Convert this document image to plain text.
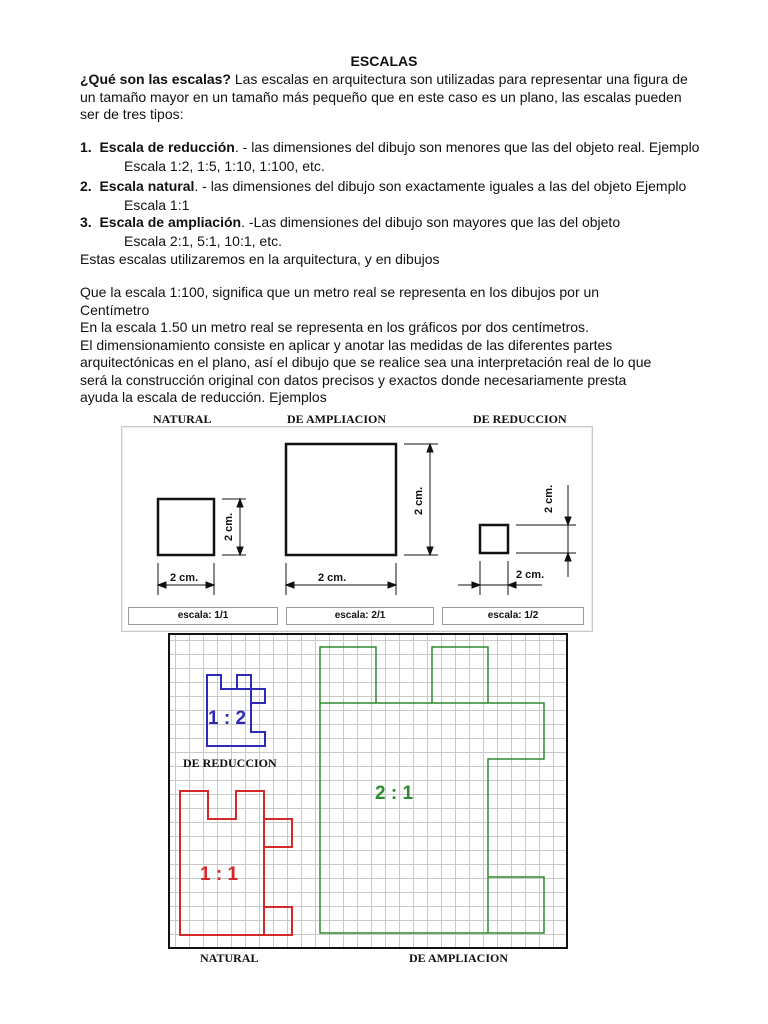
ESCALAS
¿Qué son las escalas? Las escalas en arquitectura son utilizadas para representar una figura de
un tamaño mayor en un tamaño más pequeño que en este caso es un plano, las escalas pueden
ser de tres tipos:
1. Escala de reducción. - las dimensiones del dibujo son menores que las del objeto real. Ejemplo
Escala 1:2, 1:5, 1:10, 1:100, etc.
2. Escala natural. - las dimensiones del dibujo son exactamente iguales a las del objeto Ejemplo
Escala 1:1
3. Escala de ampliación. -Las dimensiones del dibujo son mayores que las del objeto
Escala 2:1, 5:1, 10:1, etc.
Estas escalas utilizaremos en la arquitectura, y en dibujos
Que la escala 1:100, significa que un metro real se representa en los dibujos por un
Centímetro
En la escala 1.50 un metro real se representa en los gráficos por dos centímetros.
El dimensionamiento consiste en aplicar y anotar las medidas de las diferentes partes
arquitectónicas en el plano, así el dibujo que se realice sea una interpretación real de lo que
será la construcción original con datos precisos y exactos donde necesariamente presta
ayuda la escala de reducción. Ejemplos
NATURAL	DE AMPLIACION	DE REDUCCION
2 cm.	2 cm.	2 cm.
2 cm.
2 cm.	2 cm.
escala: 1/1	escala: 2/1	escala: 1/2
1 : 2
DE REDUCCION
1 : 1
2 : 1
NATURAL	DE AMPLIACION
